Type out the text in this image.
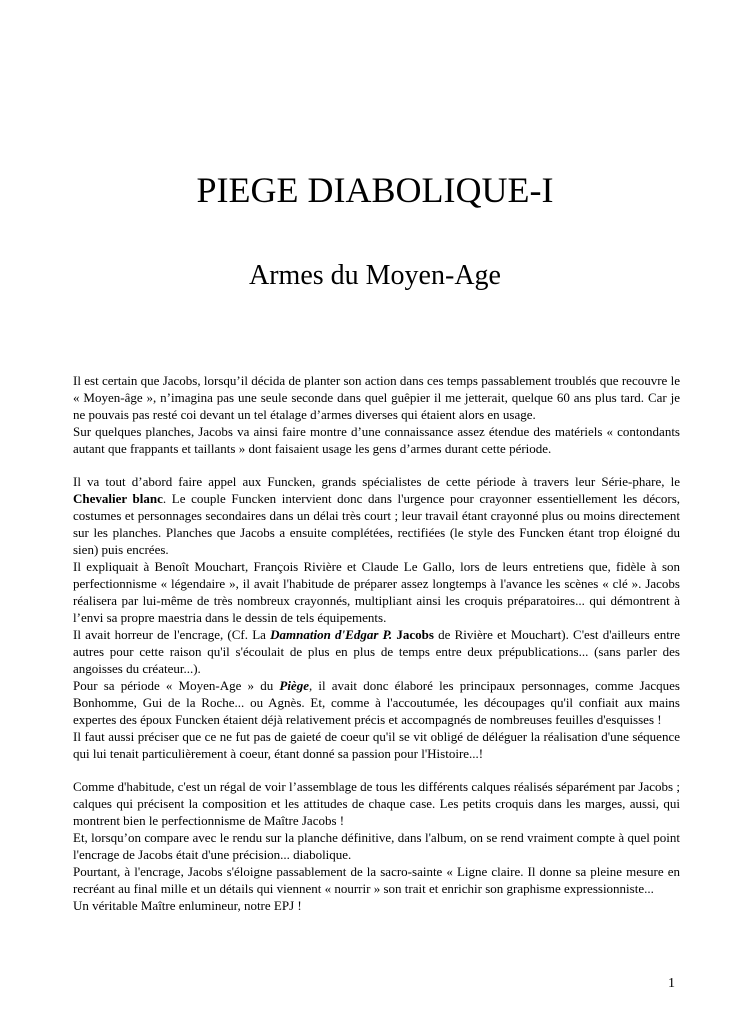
PIEGE DIABOLIQUE-I
Armes du Moyen-Age

Il est certain que Jacobs, lorsqu’il décida de planter son action dans ces temps passablement troublés que recouvre le « Moyen-âge », n’imagina pas une seule seconde dans quel guêpier il me jetterait, quelque 60 ans plus tard. Car je ne pouvais pas resté coi devant un tel étalage d’armes diverses qui étaient alors en usage.

Sur quelques planches, Jacobs va ainsi faire montre d’une connaissance assez étendue des matériels « contondants autant que frappants et taillants » dont faisaient usage les gens d’armes durant cette période.

Il va tout d’abord faire appel aux Funcken, grands spécialistes de cette période à travers leur Série-phare, le Chevalier blanc. Le couple Funcken intervient donc dans l'urgence pour crayonner essentiellement les décors, costumes et personnages secondaires dans un délai très court ; leur travail étant crayonné plus ou moins directement sur les planches. Planches que Jacobs a ensuite complétées, rectifiées (le style des Funcken étant trop éloigné du sien) puis encrées.

Il expliquait à Benoît Mouchart, François Rivière et Claude Le Gallo, lors de leurs entretiens que, fidèle à son perfectionnisme « légendaire », il avait l'habitude de préparer assez longtemps à l'avance les scènes « clé ». Jacobs réalisera par lui-même de très nombreux crayonnés, multipliant ainsi les croquis préparatoires... qui démontrent à l’envi sa propre maestria dans le dessin de tels équipements.

Il avait horreur de l'encrage, (Cf. La Damnation d'Edgar P. Jacobs de Rivière et Mouchart). C'est d'ailleurs entre autres pour cette raison qu'il s'écoulait de plus en plus de temps entre deux prépublications... (sans parler des angoisses du créateur...).

Pour sa période « Moyen-Age » du Piège, il avait donc élaboré les principaux personnages, comme Jacques Bonhomme, Gui de la Roche... ou Agnès. Et, comme à l'accoutumée, les découpages qu'il confiait aux mains expertes des époux Funcken étaient déjà relativement précis et accompagnés de nombreuses feuilles d'esquisses !

Il faut aussi préciser que ce ne fut pas de gaieté de coeur qu'il se vit obligé de déléguer la réalisation d'une séquence qui lui tenait particulièrement à coeur, étant donné sa passion pour l'Histoire...!

Comme d'habitude, c'est un régal de voir l’assemblage de tous les différents calques réalisés séparément par Jacobs ; calques qui précisent la composition et les attitudes de chaque case. Les petits croquis dans les marges, aussi, qui montrent bien le perfectionnisme de Maître Jacobs !

Et, lorsqu’on compare avec le rendu sur la planche définitive, dans l'album, on se rend vraiment compte à quel point l'encrage de Jacobs était d'une précision... diabolique.

Pourtant, à l'encrage, Jacobs s'éloigne passablement de la sacro-sainte « Ligne claire. Il donne sa pleine mesure en recréant au final mille et un détails qui viennent « nourrir » son trait et enrichir son graphisme expressionniste...

Un véritable Maître enlumineur, notre EPJ !

1
